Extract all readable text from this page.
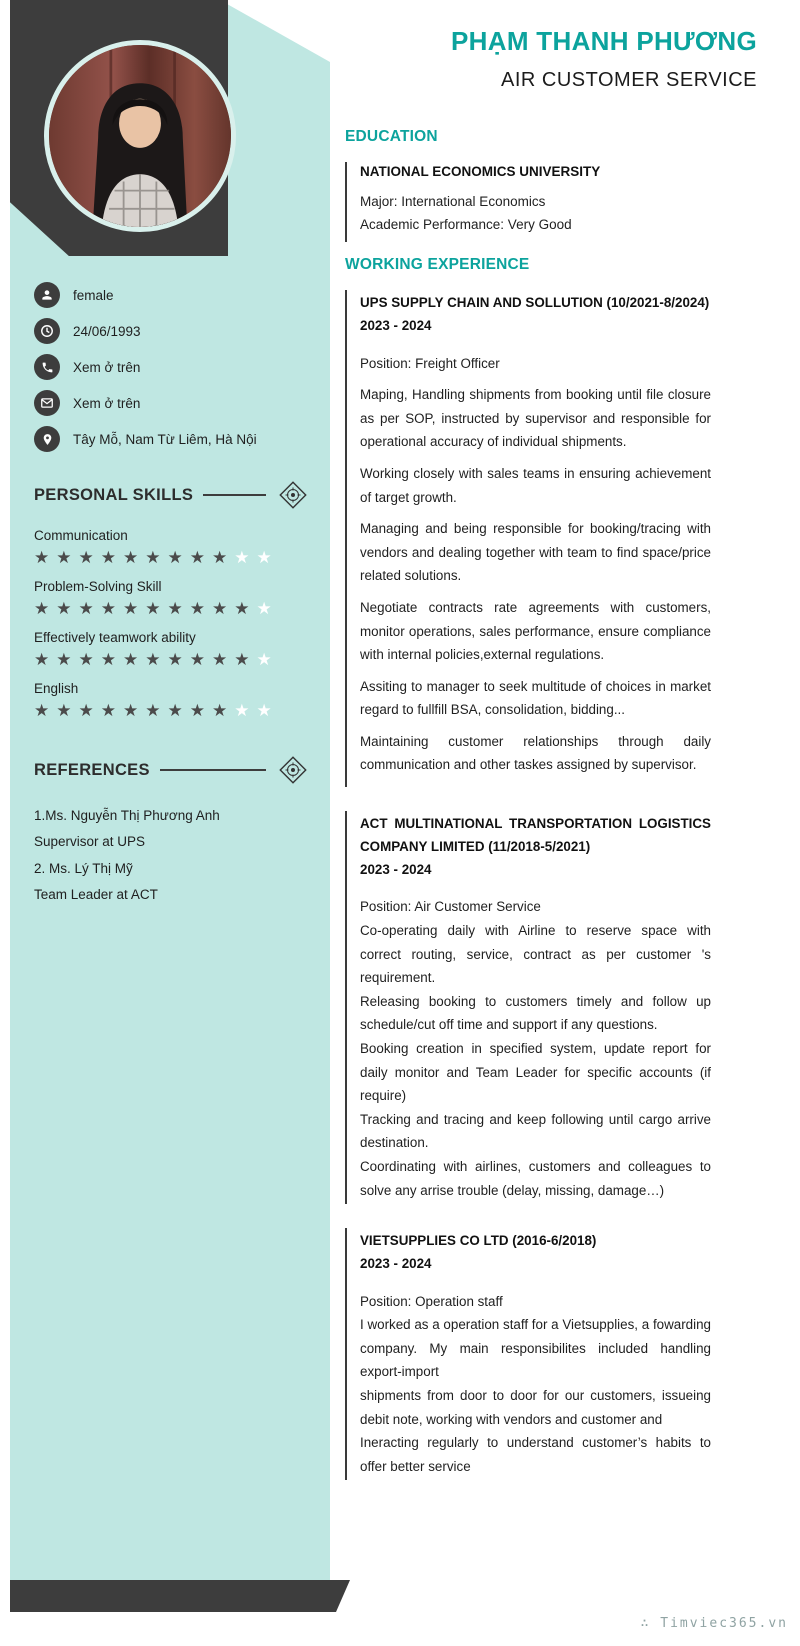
female
24/06/1993
Xem ở trên
Xem ở trên
Tây Mỗ, Nam Từ Liêm, Hà Nội
PERSONAL SKILLS
Communication
★ ★ ★ ★ ★ ★ ★ ★ ★ ★ ★
Problem-Solving Skill
★ ★ ★ ★ ★ ★ ★ ★ ★ ★ ★
Effectively teamwork ability
★ ★ ★ ★ ★ ★ ★ ★ ★ ★ ★
English
★ ★ ★ ★ ★ ★ ★ ★ ★ ★ ★
REFERENCES
1.Ms. Nguyễn Thị Phương Anh
Supervisor at UPS
2. Ms. Lý Thị Mỹ
Team Leader at ACT
PHẠM THANH PHƯƠNG
AIR CUSTOMER SERVICE
EDUCATION
NATIONAL ECONOMICS UNIVERSITY

Major: International Economics

Academic Performance: Very Good

WORKING EXPERIENCE
UPS SUPPLY CHAIN AND SOLLUTION (10/2021-8/2024)
2023 - 2024

Position: Freight Officer

Maping, Handling shipments from booking until file closure as per SOP, instructed by supervisor and responsible for operational accuracy of individual shipments.

Working closely with sales teams in ensuring achievement of target growth.

Managing and being responsible for booking/tracing with vendors and dealing together with team to find space/price related solutions.

Negotiate contracts rate agreements with customers, monitor operations, sales performance, ensure compliance with internal policies,external regulations.

Assiting to manager to seek multitude of choices in market regard to fullfill BSA, consolidation, bidding...

Maintaining customer relationships through daily communication and other taskes assigned by supervisor.

ACT MULTINATIONAL TRANSPORTATION LOGISTICS COMPANY LIMITED (11/2018-5/2021)
2023 - 2024

Position: Air Customer Service

Co-operating daily with Airline to reserve space with correct routing, service, contract as per customer 's requirement.

Releasing booking to customers timely and follow up schedule/cut off time and support if any questions.

Booking creation in specified system, update report for daily monitor and Team Leader for specific accounts (if require)

Tracking and tracing and keep following until cargo arrive destination.

Coordinating with airlines, customers and colleagues to solve any arrise trouble (delay, missing, damage…)

VIETSUPPLIES CO LTD (2016-6/2018)
2023 - 2024

Position: Operation staff

I worked as a operation staff for a Vietsupplies, a fowarding company. My main responsibilites included handling export-import

shipments from door to door for our customers, issueing debit note, working with vendors and customer and

Ineracting regularly to understand customer’s habits to offer better service

∴ Timviec365.vn
